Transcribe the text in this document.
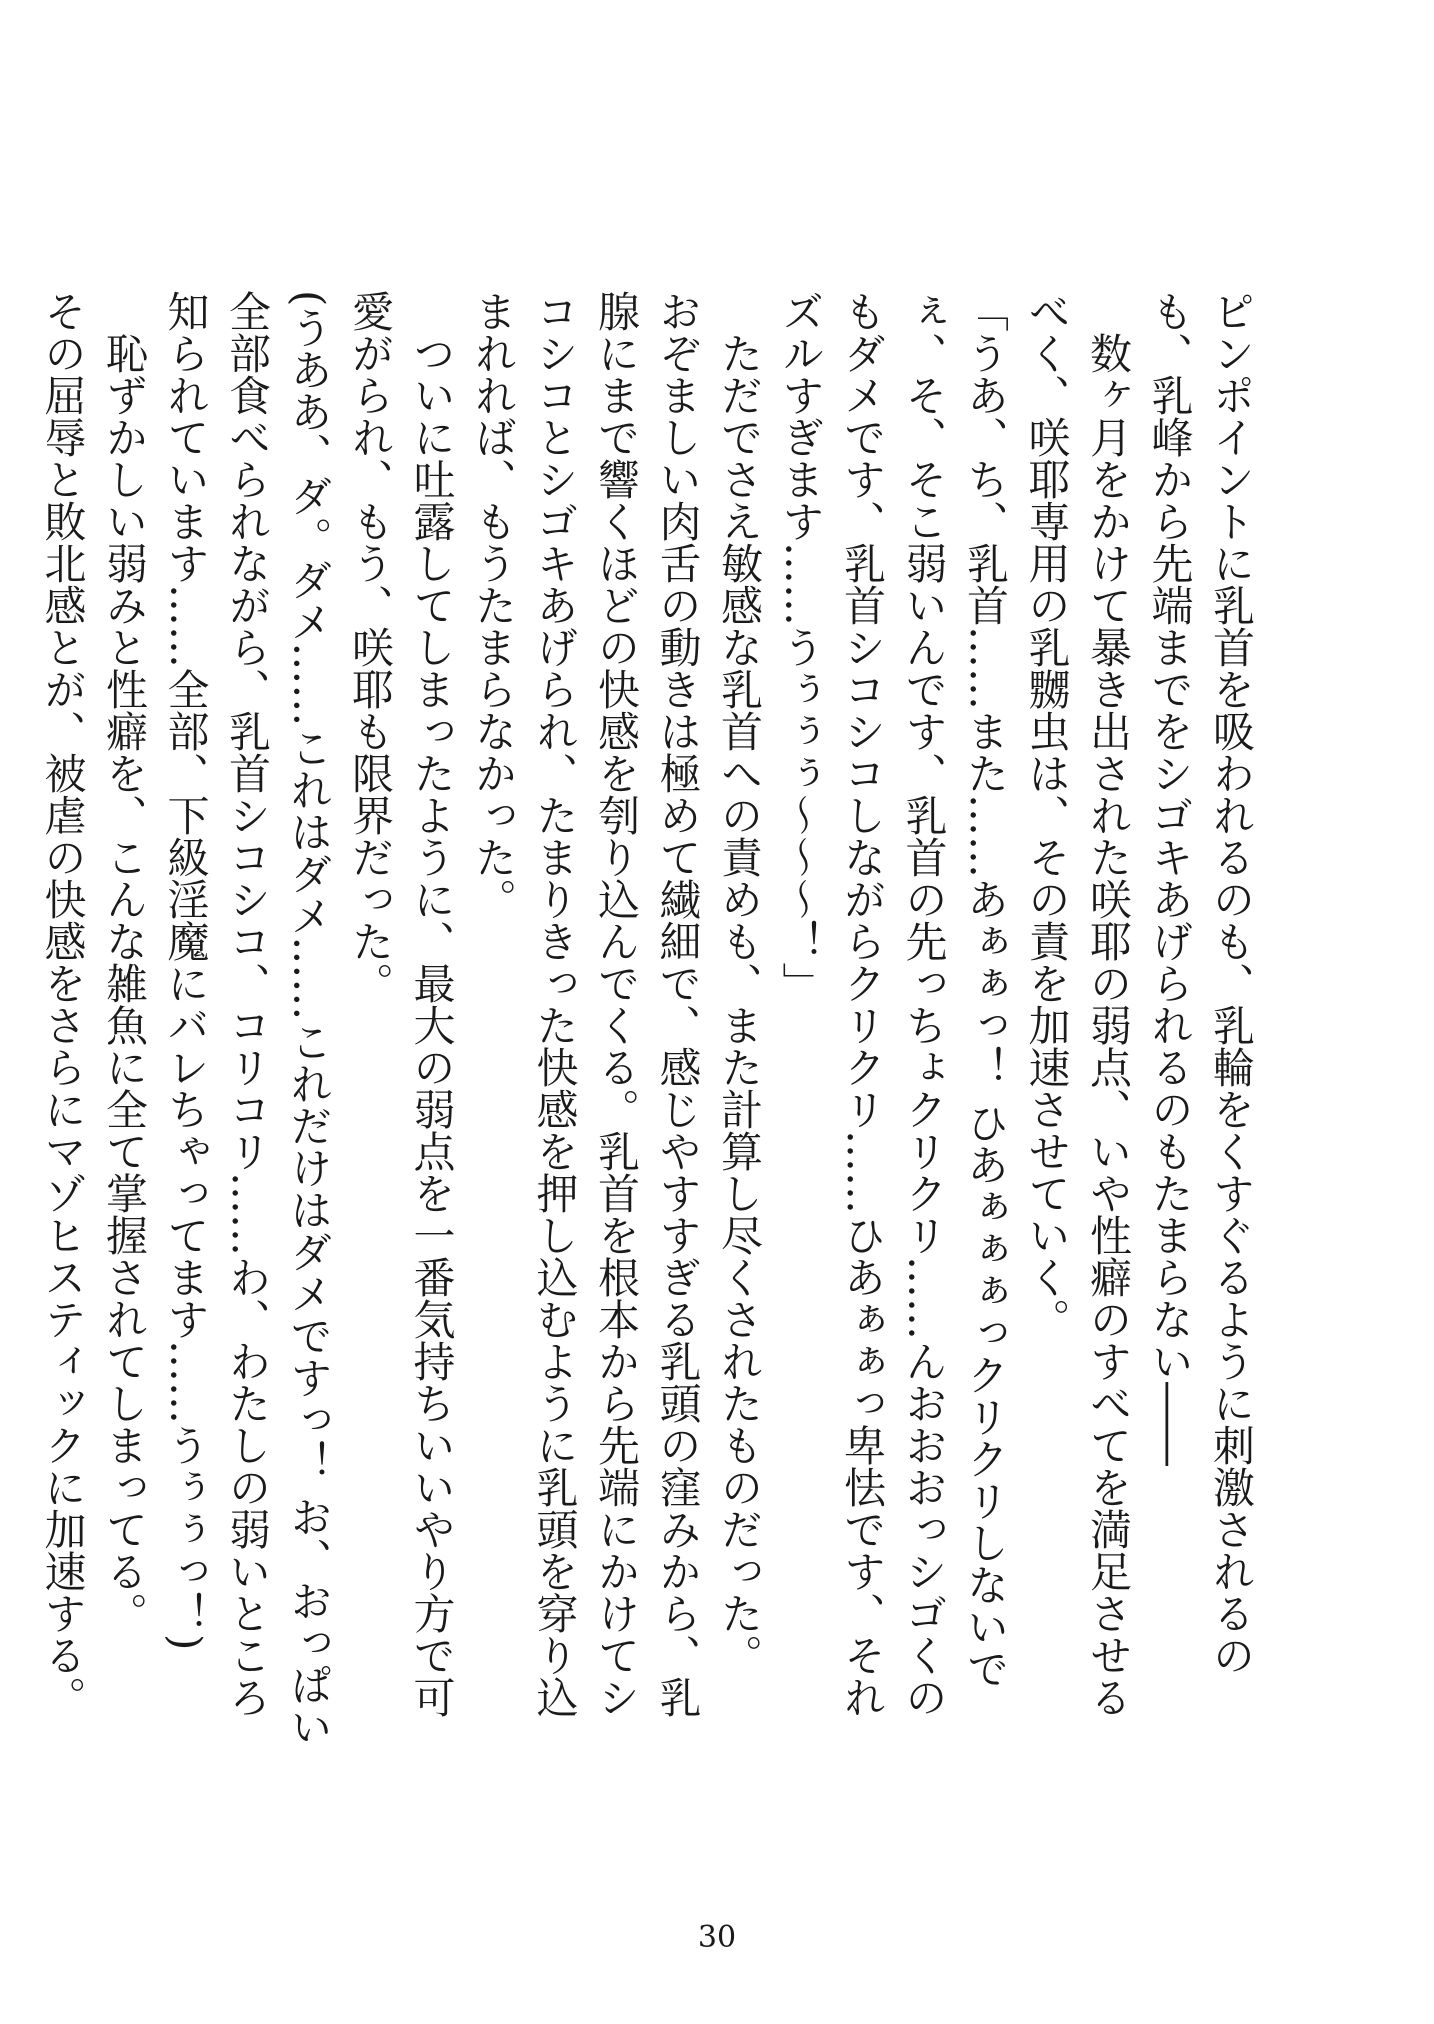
ピンポイントに乳首を吸われるのも、乳輪をくすぐるように刺激されるのも、乳峰から先端までをシゴキあげられるのもたまらない――

数ヶ月をかけて暴き出された咲耶の弱点、いや性癖のすべてを満足させるべく、咲耶専用の乳嬲虫は、その責を加速させていく。

「うあ、ち、乳首……また……あぁぁっ！ ひあぁぁぁっクリクリしないでぇ、そ、そこ弱いんです、乳首の先っちょクリクリ……んおおおっシゴくのもダメです、乳首シコシコしながらクリクリ……ひあぁぁっ卑怯です、それズルすぎます……うぅぅぅ～～～！」

ただでさえ敏感な乳首への責めも、また計算し尽くされたものだった。

おぞましい肉舌の動きは極めて繊細で、感じやすすぎる乳頭の窪みから、乳腺にまで響くほどの快感を刳り込んでくる。乳首を根本から先端にかけてシコシコとシゴキあげられ、たまりきった快感を押し込むように乳頭を穿り込まれれば、もうたまらなかった。

ついに吐露してしまったように、最大の弱点を一番気持ちいいやり方で可愛がられ、もう、咲耶も限界だった。

(うああ、ダ。ダメ……これはダメ……これだけはダメですっ！ お、おっぱい全部食べられながら、乳首シコシコ、コリコリ……わ、わたしの弱いところ知られています……全部、下級淫魔にバレちゃってます……うぅぅっ！)

恥ずかしい弱みと性癖を、こんな雑魚に全て掌握されてしまってる。

その屈辱と敗北感とが、被虐の快感をさらにマゾヒスティックに加速する。

30
